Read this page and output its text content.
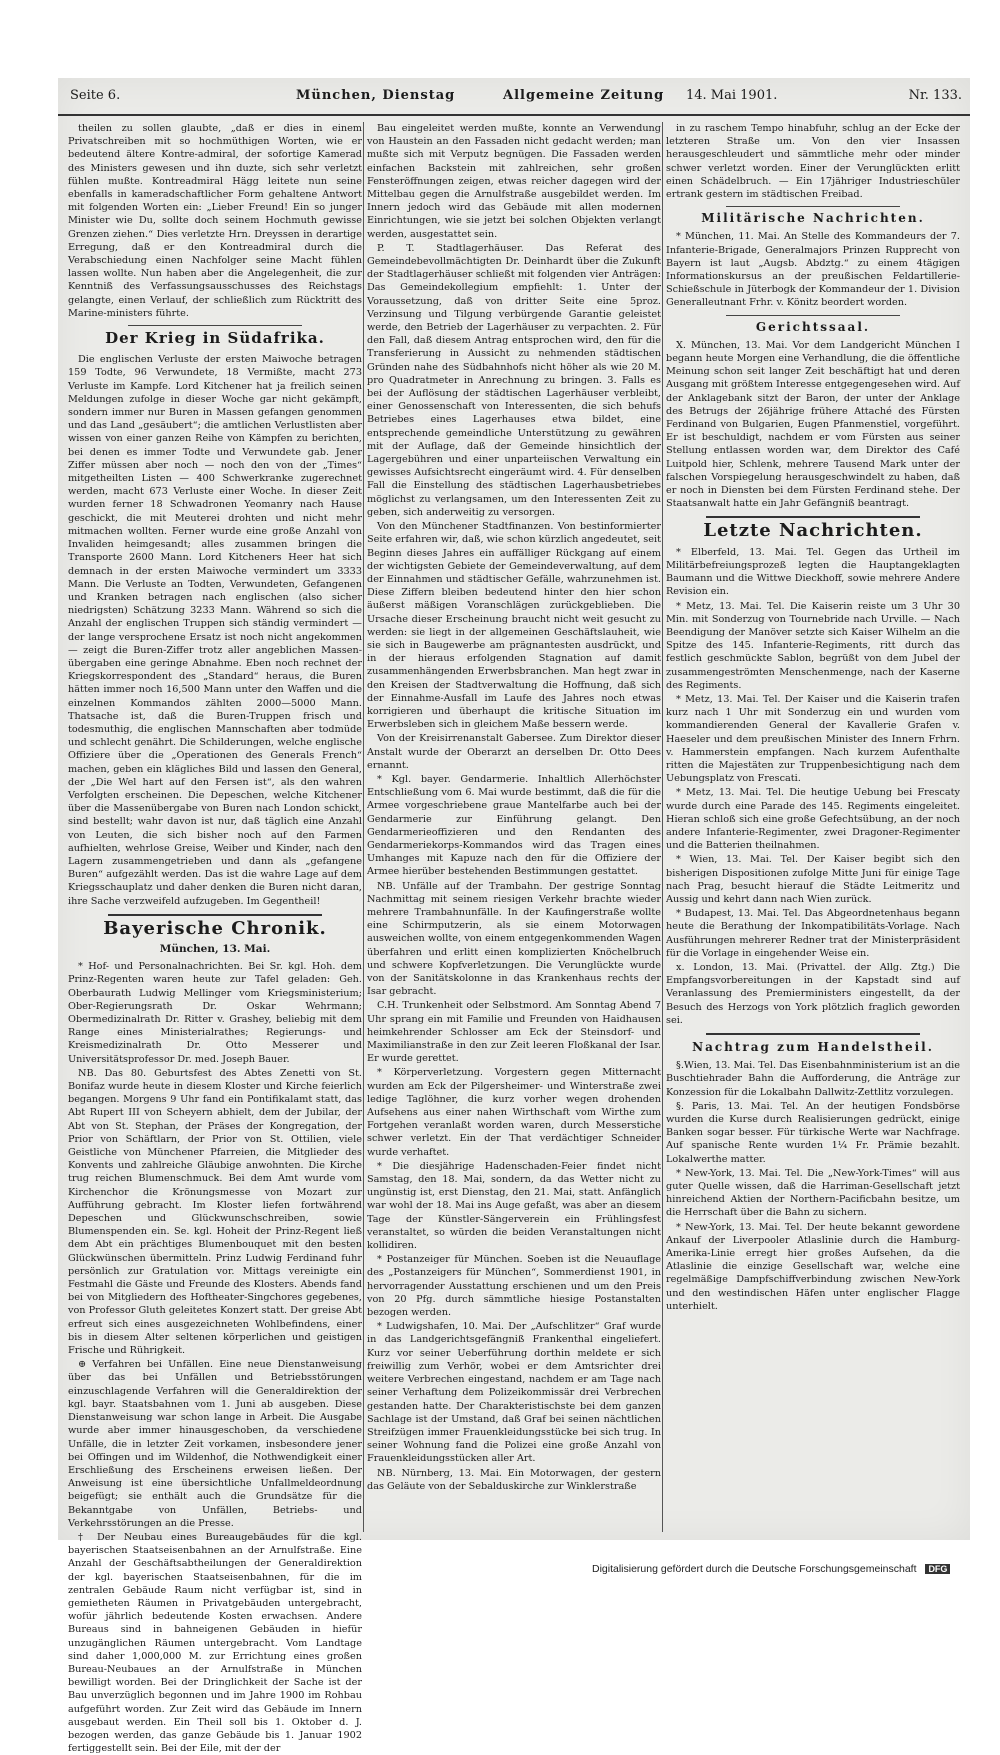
Seite 6.	München, Dienstag	Allgemeine Zeitung 14. Mai 1901.	Nr. 133.

theilen zu sollen glaubte, „daß er dies in einem Privatschreiben mit so hochmüthigen Worten, wie er bedeutend ältere Kontre-admiral, der sofortige Kamerad des Ministers gewesen und ihn duzte, sich sehr verletzt fühlen mußte. Kontreadmiral Hägg leitete nun seine ebenfalls in kameradschaftlicher Form gehaltene Antwort mit folgenden Worten ein: „Lieber Freund! Ein so junger Minister wie Du, sollte doch seinem Hochmuth gewisse Grenzen ziehen.“ Dies verletzte Hrn. Dreyssen in derartige Erregung, daß er den Kontreadmiral durch die Verabschiedung einen Nachfolger seine Macht fühlen lassen wollte. Nun haben aber die Angelegenheit, die zur Kenntniß des Verfassungsausschusses des Reichstags gelangte, einen Verlauf, der schließlich zum Rücktritt des Marine-ministers führte.

Der Krieg in Südafrika.

Die englischen Verluste der ersten Maiwoche betragen 159 Todte, 96 Verwundete, 18 Vermißte, macht 273 Verluste im Kampfe. Lord Kitchener hat ja freilich seinen Meldungen zufolge in dieser Woche gar nicht gekämpft, sondern immer nur Buren in Massen gefangen genommen und das Land „gesäubert“; die amtlichen Verlustlisten aber wissen von einer ganzen Reihe von Kämpfen zu berichten, bei denen es immer Todte und Verwundete gab. Jener Ziffer müssen aber noch — noch den von der „Times“ mitgetheilten Listen — 400 Schwerkranke zugerechnet werden, macht 673 Verluste einer Woche. In dieser Zeit wurden ferner 18 Schwadronen Yeomanry nach Hause geschickt, die mit Meuterei drohten und nicht mehr mitmachen wollten. Ferner wurde eine große Anzahl von Invaliden heimgesandt; alles zusammen bringen die Transporte 2600 Mann. Lord Kitcheners Heer hat sich demnach in der ersten Maiwoche vermindert um 3333 Mann. Die Verluste an Todten, Verwundeten, Gefangenen und Kranken betragen nach englischen (also sicher niedrigsten) Schätzung 3233 Mann. Während so sich die Anzahl der englischen Truppen sich ständig vermindert — der lange versprochene Ersatz ist noch nicht angekommen — zeigt die Buren-Ziffer trotz aller angeblichen Massen-übergaben eine geringe Abnahme. Eben noch rechnet der Kriegskorrespondent des „Standard“ heraus, die Buren hätten immer noch 16,500 Mann unter den Waffen und die einzelnen Kommandos zählten 2000—5000 Mann. Thatsache ist, daß die Buren-Truppen frisch und todesmuthig, die englischen Mannschaften aber todmüde und schlecht genährt. Die Schilderungen, welche englische Offiziere über die „Operationen des Generals French“ machen, geben ein klägliches Bild und lassen den General, der „Die Wel hart auf den Fersen ist“, als den wahren Verfolgten erscheinen. Die Depeschen, welche Kitchener über die Massenübergabe von Buren nach London schickt, sind bestellt; wahr davon ist nur, daß täglich eine Anzahl von Leuten, die sich bisher noch auf den Farmen aufhielten, wehrlose Greise, Weiber und Kinder, nach den Lagern zusammengetrieben und dann als „gefangene Buren“ aufgezählt werden. Das ist die wahre Lage auf dem Kriegsschauplatz und daher denken die Buren nicht daran, ihre Sache verzweifeld aufzugeben. Im Gegentheil!

Bayerische Chronik.
München, 13. Mai.

* Hof- und Personalnachrichten. Bei Sr. kgl. Hoh. dem Prinz-Regenten waren heute zur Tafel geladen: Geh. Oberbaurath Ludwig Mellinger vom Kriegsministerium; Ober-Regierungsrath Dr. Oskar Wehrmann; Obermedizinalrath Dr. Ritter v. Grashey, beliebig mit dem Range eines Ministerialrathes; Regierungs- und Kreismedizinalrath Dr. Otto Messerer und Universitätsprofessor Dr. med. Joseph Bauer.

NB. Das 80. Geburtsfest des Abtes Zenetti von St. Bonifaz wurde heute in diesem Kloster und Kirche feierlich begangen. Morgens 9 Uhr fand ein Pontifikalamt statt, das Abt Rupert III von Scheyern abhielt, dem der Jubilar, der Abt von St. Stephan, der Präses der Kongregation, der Prior von Schäftlarn, der Prior von St. Ottilien, viele Geistliche von Münchener Pfarreien, die Mitglieder des Konvents und zahlreiche Gläubige anwohnten. Die Kirche trug reichen Blumenschmuck. Bei dem Amt wurde vom Kirchenchor die Krönungsmesse von Mozart zur Aufführung gebracht. Im Kloster liefen fortwährend Depeschen und Glückwunschschreiben, sowie Blumenspenden ein. Se. kgl. Hoheit der Prinz-Regent ließ dem Abt ein prächtiges Blumenbouquet mit den besten Glückwünschen übermitteln. Prinz Ludwig Ferdinand fuhr persönlich zur Gratulation vor. Mittags vereinigte ein Festmahl die Gäste und Freunde des Klosters. Abends fand bei von Mitgliedern des Hoftheater-Singchores gegebenes, von Professor Gluth geleitetes Konzert statt. Der greise Abt erfreut sich eines ausgezeichneten Wohlbefindens, einer bis in diesem Alter seltenen körperlichen und geistigen Frische und Rührigkeit.

⊕ Verfahren bei Unfällen. Eine neue Dienstanweisung über das bei Unfällen und Betriebsstörungen einzuschlagende Verfahren will die Generaldirektion der kgl. bayr. Staatsbahnen vom 1. Juni ab ausgeben. Diese Dienstanweisung war schon lange in Arbeit. Die Ausgabe wurde aber immer hinausgeschoben, da verschiedene Unfälle, die in letzter Zeit vorkamen, insbesondere jener bei Offingen und im Wildenhof, die Nothwendigkeit einer Erschließung des Erscheinens erweisen ließen. Der Anweisung ist eine übersichtliche Unfallmeldeordnung beigefügt; sie enthält auch die Grundsätze für die Bekanntgabe von Unfällen, Betriebs- und Verkehrsstörungen an die Presse.

† Der Neubau eines Bureaugebäudes für die kgl. bayerischen Staatseisenbahnen an der Arnulfstraße. Eine Anzahl der Geschäftsabtheilungen der Generaldirektion der kgl. bayerischen Staatseisenbahnen, für die im zentralen Gebäude Raum nicht verfügbar ist, sind in gemietheten Räumen in Privatgebäuden untergebracht, wofür jährlich bedeutende Kosten erwachsen. Andere Bureaus sind in bahneigenen Gebäuden in hiefür unzugänglichen Räumen untergebracht. Vom Landtage sind daher 1,000,000 M. zur Errichtung eines großen Bureau-Neubaues an der Arnulfstraße in München bewilligt worden. Bei der Dringlichkeit der Sache ist der Bau unverzüglich begonnen und im Jahre 1900 im Rohbau aufgeführt worden. Zur Zeit wird das Gebäude im Innern ausgebaut werden. Ein Theil soll bis 1. Oktober d. J. bezogen werden, das ganze Gebäude bis 1. Januar 1902 fertiggestellt sein. Bei der Eile, mit der der

Bau eingeleitet werden mußte, konnte an Verwendung von Haustein an den Fassaden nicht gedacht werden; man mußte sich mit Verputz begnügen. Die Fassaden werden einfachen Backstein mit zahlreichen, sehr großen Fensteröffnungen zeigen, etwas reicher dagegen wird der Mittelbau gegen die Arnulfstraße ausgebildet werden. Im Innern jedoch wird das Gebäude mit allen modernen Einrichtungen, wie sie jetzt bei solchen Objekten verlangt werden, ausgestattet sein.

P. T. Stadtlagerhäuser. Das Referat des Gemeindebevollmächtigten Dr. Deinhardt über die Zukunft der Stadtlagerhäuser schließt mit folgenden vier Anträgen: Das Gemeindekollegium empfiehlt: 1. Unter der Voraussetzung, daß von dritter Seite eine 5proz. Verzinsung und Tilgung verbürgende Garantie geleistet werde, den Betrieb der Lagerhäuser zu verpachten. 2. Für den Fall, daß diesem Antrag entsprochen wird, den für die Transferierung in Aussicht zu nehmenden städtischen Gründen nahe des Südbahnhofs nicht höher als wie 20 M. pro Quadratmeter in Anrechnung zu bringen. 3. Falls es bei der Auflösung der städtischen Lagerhäuser verbleibt, einer Genossenschaft von Interessenten, die sich behufs Betriebes eines Lagerhauses etwa bildet, eine entsprechende gemeindliche Unterstützung zu gewähren mit der Auflage, daß der Gemeinde hinsichtlich der Lagergebühren und einer unparteiischen Verwaltung ein gewisses Aufsichtsrecht eingeräumt wird. 4. Für denselben Fall die Einstellung des städtischen Lagerhausbetriebes möglichst zu verlangsamen, um den Interessenten Zeit zu geben, sich anderweitig zu versorgen.

Von den Münchener Stadtfinanzen. Von bestinformierter Seite erfahren wir, daß, wie schon kürzlich angedeutet, seit Beginn dieses Jahres ein auffälliger Rückgang auf einem der wichtigsten Gebiete der Gemeindeverwaltung, auf dem der Einnahmen und städtischer Gefälle, wahrzunehmen ist. Diese Ziffern bleiben bedeutend hinter den hier schon äußerst mäßigen Voranschlägen zurückgeblieben. Die Ursache dieser Erscheinung braucht nicht weit gesucht zu werden: sie liegt in der allgemeinen Geschäftslauheit, wie sie sich in Baugewerbe am prägnantesten ausdrückt, und in der hieraus erfolgenden Stagnation auf damit zusammenhängenden Erwerbsbranchen. Man hegt zwar in den Kreisen der Stadtverwaltung die Hoffnung, daß sich der Einnahme-Ausfall im Laufe des Jahres noch etwas korrigieren und überhaupt die kritische Situation im Erwerbsleben sich in gleichem Maße bessern werde.

Von der Kreisirrenanstalt Gabersee. Zum Direktor dieser Anstalt wurde der Oberarzt an derselben Dr. Otto Dees ernannt.

* Kgl. bayer. Gendarmerie. Inhaltlich Allerhöchster Entschließung vom 6. Mai wurde bestimmt, daß die für die Armee vorgeschriebene graue Mantelfarbe auch bei der Gendarmerie zur Einführung gelangt. Den Gendarmerieoffizieren und den Rendanten des Gendarmeriekorps-Kommandos wird das Tragen eines Umhanges mit Kapuze nach den für die Offiziere der Armee hierüber bestehenden Bestimmungen gestattet.

NB. Unfälle auf der Trambahn. Der gestrige Sonntag Nachmittag mit seinem riesigen Verkehr brachte wieder mehrere Trambahnunfälle. In der Kaufingerstraße wollte eine Schirmputzerin, als sie einem Motorwagen ausweichen wollte, von einem entgegenkommenden Wagen überfahren und erlitt einen komplizierten Knöchelbruch und schwere Kopfverletzungen. Die Verunglückte wurde von der Sanitätskolonne in das Krankenhaus rechts der Isar gebracht.

C.H. Trunkenheit oder Selbstmord. Am Sonntag Abend 7 Uhr sprang ein mit Familie und Freunden von Haidhausen heimkehrender Schlosser am Eck der Steinsdorf- und Maximilianstraße in den zur Zeit leeren Floßkanal der Isar. Er wurde gerettet.

* Körperverletzung. Vorgestern gegen Mitternacht wurden am Eck der Pilgersheimer- und Winterstraße zwei ledige Taglöhner, die kurz vorher wegen drohenden Aufsehens aus einer nahen Wirthschaft vom Wirthe zum Fortgehen veranlaßt worden waren, durch Messerstiche schwer verletzt. Ein der That verdächtiger Schneider wurde verhaftet.

* Die diesjährige Hadenschaden-Feier findet nicht Samstag, den 18. Mai, sondern, da das Wetter nicht zu ungünstig ist, erst Dienstag, den 21. Mai, statt. Anfänglich war wohl der 18. Mai ins Auge gefaßt, was aber an diesem Tage der Künstler-Sängerverein ein Frühlingsfest veranstaltet, so würden die beiden Veranstaltungen nicht kollidiren.

* Postanzeiger für München. Soeben ist die Neuauflage des „Postanzeigers für München“, Sommerdienst 1901, in hervorragender Ausstattung erschienen und um den Preis von 20 Pfg. durch sämmtliche hiesige Postanstalten bezogen werden.

* Ludwigshafen, 10. Mai. Der „Aufschlitzer“ Graf wurde in das Landgerichtsgefängniß Frankenthal eingeliefert. Kurz vor seiner Ueberführung dorthin meldete er sich freiwillig zum Verhör, wobei er dem Amtsrichter drei weitere Verbrechen eingestand, nachdem er am Tage nach seiner Verhaftung dem Polizeikommissär drei Verbrechen gestanden hatte. Der Charakteristischste bei dem ganzen Sachlage ist der Umstand, daß Graf bei seinen nächtlichen Streifzügen immer Frauenkleidungsstücke bei sich trug. In seiner Wohnung fand die Polizei eine große Anzahl von Frauenkleidungsstücken aller Art.

NB. Nürnberg, 13. Mai. Ein Motorwagen, der gestern das Geläute von der Sebalduskirche zur Winklerstraße

in zu raschem Tempo hinabfuhr, schlug an der Ecke der letzteren Straße um. Von den vier Insassen herausgeschleudert und sämmtliche mehr oder minder schwer verletzt worden. Einer der Verunglückten erlitt einen Schädelbruch. — Ein 17jähriger Industrieschüler ertrank gestern im städtischen Freibad.

Militärische Nachrichten.

* München, 11. Mai. An Stelle des Kommandeurs der 7. Infanterie-Brigade, Generalmajors Prinzen Rupprecht von Bayern ist laut „Augsb. Abdztg.“ zu einem 4tägigen Informationskursus an der preußischen Feldartillerie-Schießschule in Jüterbogk der Kommandeur der 1. Division Generalleutnant Frhr. v. Könitz beordert worden.

Gerichtssaal.

X. München, 13. Mai. Vor dem Landgericht München I begann heute Morgen eine Verhandlung, die die öffentliche Meinung schon seit langer Zeit beschäftigt hat und deren Ausgang mit größtem Interesse entgegengesehen wird. Auf der Anklagebank sitzt der Baron, der unter der Anklage des Betrugs der 26jährige frühere Attaché des Fürsten Ferdinand von Bulgarien, Eugen Pfanmenstiel, vorgeführt. Er ist beschuldigt, nachdem er vom Fürsten aus seiner Stellung entlassen worden war, dem Direktor des Café Luitpold hier, Schlenk, mehrere Tausend Mark unter der falschen Vorspiegelung herausgeschwindelt zu haben, daß er noch in Diensten bei dem Fürsten Ferdinand stehe. Der Staatsanwalt hatte ein Jahr Gefängniß beantragt.

Letzte Nachrichten.

* Elberfeld, 13. Mai. Tel. Gegen das Urtheil im Militärbefreiungsprozeß legten die Hauptangeklagten Baumann und die Wittwe Dieckhoff, sowie mehrere Andere Revision ein.

* Metz, 13. Mai. Tel. Die Kaiserin reiste um 3 Uhr 30 Min. mit Sonderzug von Tournebride nach Urville. — Nach Beendigung der Manöver setzte sich Kaiser Wilhelm an die Spitze des 145. Infanterie-Regiments, ritt durch das festlich geschmückte Sablon, begrüßt von dem Jubel der zusammengeströmten Menschenmenge, nach der Kaserne des Regiments.

* Metz, 13. Mai. Tel. Der Kaiser und die Kaiserin trafen kurz nach 1 Uhr mit Sonderzug ein und wurden vom kommandierenden General der Kavallerie Grafen v. Haeseler und dem preußischen Minister des Innern Frhrn. v. Hammerstein empfangen. Nach kurzem Aufenthalte ritten die Majestäten zur Truppenbesichtigung nach dem Uebungsplatz von Frescati.

* Metz, 13. Mai. Tel. Die heutige Uebung bei Frescaty wurde durch eine Parade des 145. Regiments eingeleitet. Hieran schloß sich eine große Gefechtsübung, an der noch andere Infanterie-Regimenter, zwei Dragoner-Regimenter und die Batterien theilnahmen.

* Wien, 13. Mai. Tel. Der Kaiser begibt sich den bisherigen Dispositionen zufolge Mitte Juni für einige Tage nach Prag, besucht hierauf die Städte Leitmeritz und Aussig und kehrt dann nach Wien zurück.

* Budapest, 13. Mai. Tel. Das Abgeordnetenhaus begann heute die Berathung der Inkompatibilitäts-Vorlage. Nach Ausführungen mehrerer Redner trat der Ministerpräsident für die Vorlage in eingehender Weise ein.

x. London, 13. Mai. (Privattel. der Allg. Ztg.) Die Empfangsvorbereitungen in der Kapstadt sind auf Veranlassung des Premierministers eingestellt, da der Besuch des Herzogs von York plötzlich fraglich geworden sei.

Nachtrag zum Handelstheil.

§.Wien, 13. Mai. Tel. Das Eisenbahnministerium ist an die Buschtiehrader Bahn die Aufforderung, die Anträge zur Konzession für die Lokalbahn Dallwitz-Zettlitz vorzulegen.

§. Paris, 13. Mai. Tel. An der heutigen Fondsbörse wurden die Kurse durch Realisierungen gedrückt, einige Banken sogar besser. Für türkische Werte war Nachfrage. Auf spanische Rente wurden 1¼ Fr. Prämie bezahlt. Lokalwerthe matter.

* New-York, 13. Mai. Tel. Die „New-York-Times“ will aus guter Quelle wissen, daß die Harriman-Gesellschaft jetzt hinreichend Aktien der Northern-Pacificbahn besitze, um die Herrschaft über die Bahn zu sichern.

* New-York, 13. Mai. Tel. Der heute bekannt gewordene Ankauf der Liverpooler Atlaslinie durch die Hamburg-Amerika-Linie erregt hier großes Aufsehen, da die Atlaslinie die einzige Gesellschaft war, welche eine regelmäßige Dampfschiffverbindung zwischen New-York und den westindischen Häfen unter englischer Flagge unterhielt.

Digitalisierung gefördert durch die Deutsche Forschungsgemeinschaft DFG
